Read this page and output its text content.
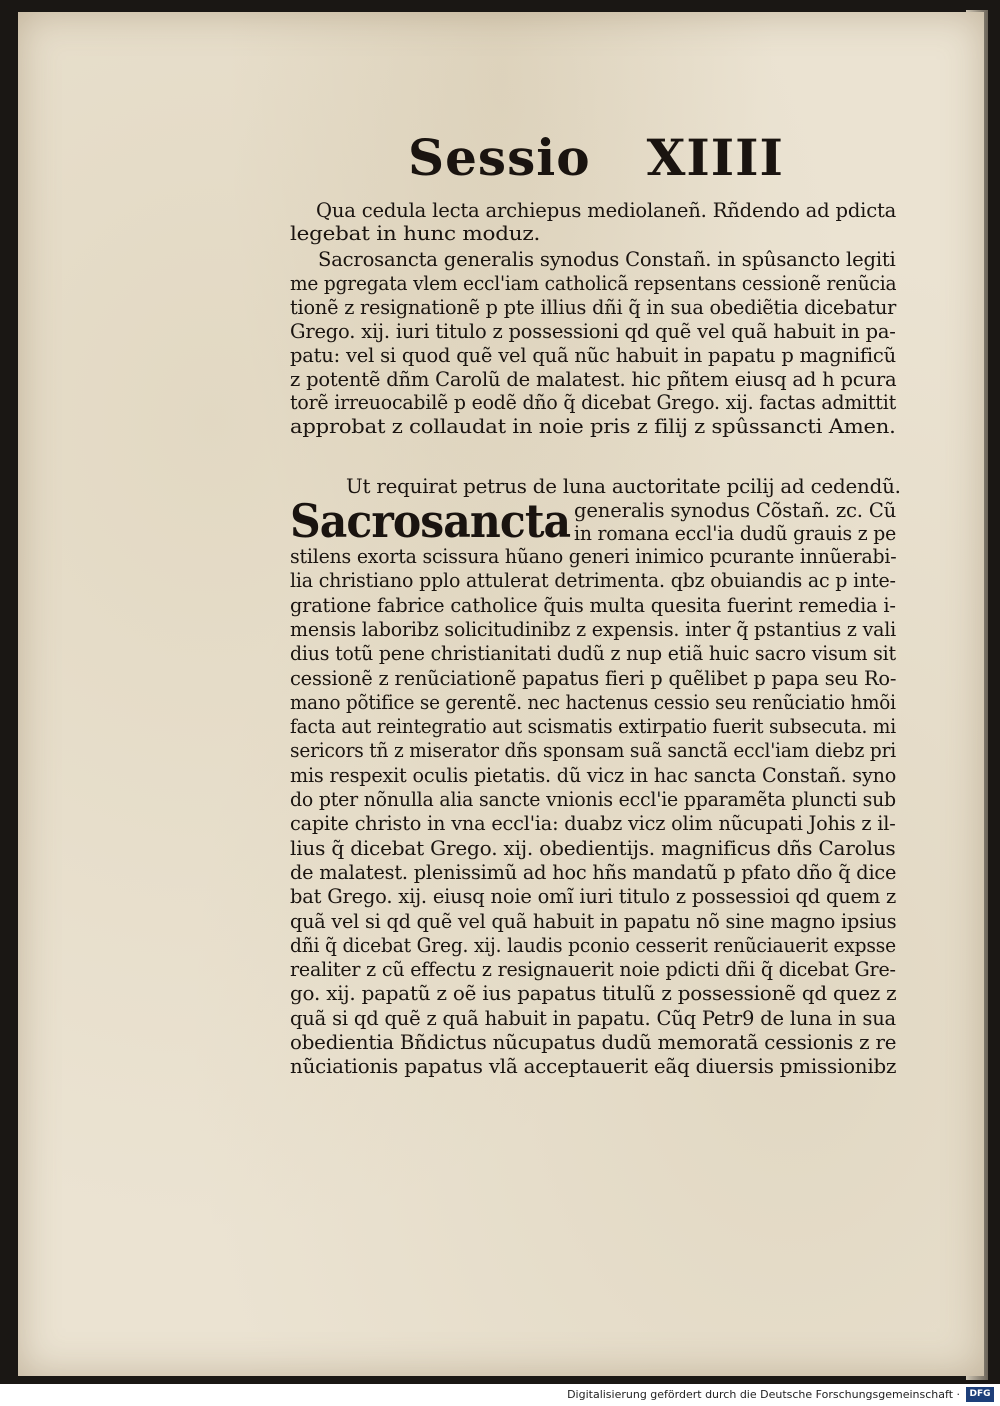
Sessio XIIII
Qua cedula lecta archiepus mediolaneñ. Rñdendo ad pdicta
legebat in hunc moduz.
Sacrosancta generalis synodus Constañ. in spûsancto legiti
me pgregata vlem eccl'iam catholicã repsentans cessionẽ renũcia
tionẽ z resignationẽ p pte illius dñi q̃ in sua obediẽtia dicebatur
Grego. xij. iuri titulo z possessioni qd quẽ vel quã habuit in pa-
patu: vel si quod quẽ vel quã nũc habuit in papatu p magnificũ
z potentẽ dñm Carolũ de malatest. hic pñtem eiusq ad h pcura
torẽ irreuocabilẽ p eodẽ dño q̃ dicebat Grego. xij. factas admittit
approbat z collaudat in noie pris z filij z spûssancti Amen.
Ut requirat petrus de luna auctoritate pcilij ad cedendũ.
generalis synodus Cõstañ. zc. Cũ
in romana eccl'ia dudũ grauis z pe
stilens exorta scissura hũano generi inimico pcurante innũerabi-
lia christiano pplo attulerat detrimenta. qbz obuiandis ac p inte-
gratione fabrice catholice q̃uis multa quesita fuerint remedia i-
mensis laboribz solicitudinibz z expensis. inter q̃ pstantius z vali
dius totũ pene christianitati dudũ z nup etiã huic sacro visum sit
cessionẽ z renũciationẽ papatus fieri p quẽlibet p papa seu Ro-
mano põtifice se gerentẽ. nec hactenus cessio seu renũciatio hmõi
facta aut reintegratio aut scismatis extirpatio fuerit subsecuta. mi
sericors tñ z miserator dñs sponsam suã sanctã eccl'iam diebz pri
mis respexit oculis pietatis. dũ vicz in hac sancta Constañ. syno
do pter nõnulla alia sancte vnionis eccl'ie pparamẽta pluncti sub
capite christo in vna eccl'ia: duabz vicz olim nũcupati Johis z il-
lius q̃ dicebat Grego. xij. obedientijs. magnificus dñs Carolus
de malatest. plenissimũ ad hoc hñs mandatũ p pfato dño q̃ dice
bat Grego. xij. eiusq noie omĩ iuri titulo z possessioi qd quem z
quã vel si qd quẽ vel quã habuit in papatu nõ sine magno ipsius
dñi q̃ dicebat Greg. xij. laudis pconio cesserit renũciauerit expsse
realiter z cũ effectu z resignauerit noie pdicti dñi q̃ dicebat Gre-
go. xij. papatũ z oẽ ius papatus titulũ z possessionẽ qd quez z
quã si qd quẽ z quã habuit in papatu. Cũq Petr9 de luna in sua
obedientia Bñdictus nũcupatus dudũ memoratã cessionis z re
nũciationis papatus vlã acceptauerit eãq diuersis pmissionibz
Sacrosancta
Digitalisierung gefördert durch die Deutsche Forschungsgemeinschaft ·	DFG
